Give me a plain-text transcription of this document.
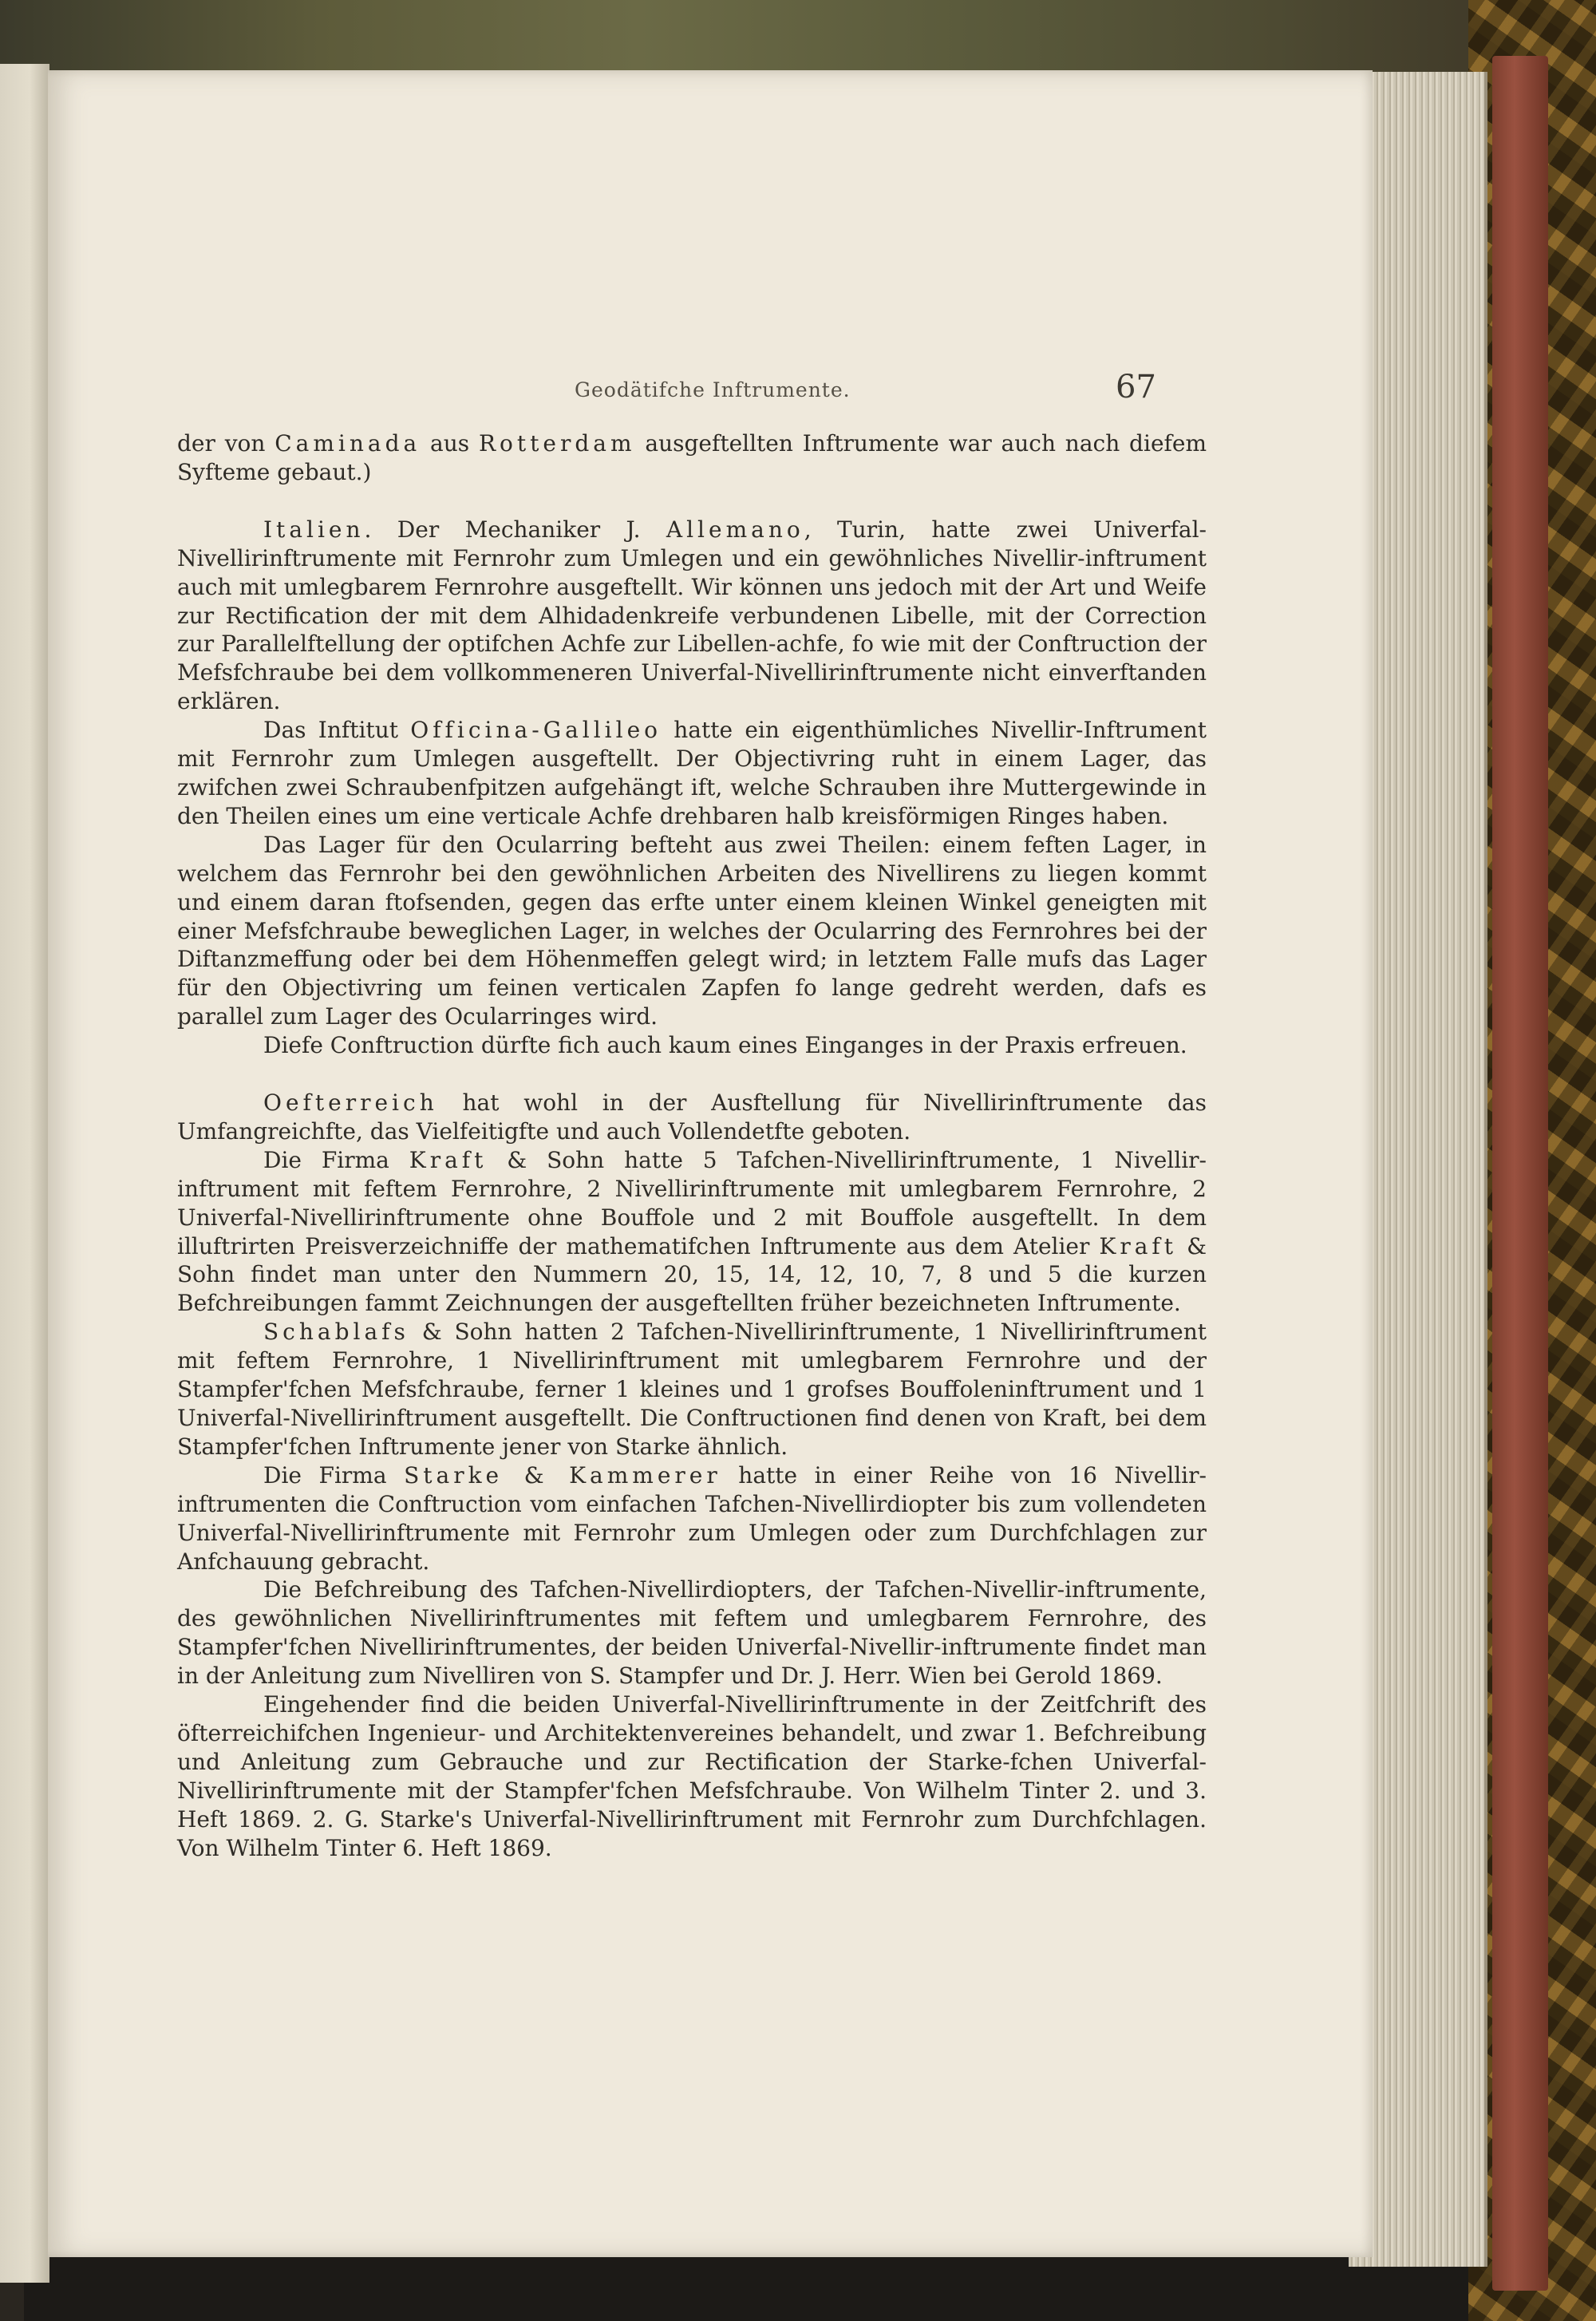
Geodätifche Inftrumente.	67

der von Caminada aus Rotterdam ausgeftellten Inftrumente war auch nach diefem Syfteme gebaut.)

Italien. Der Mechaniker J. Allemano, Turin, hatte zwei Univerfal-Nivellirinftrumente mit Fernrohr zum Umlegen und ein gewöhnliches Nivellir-inftrument auch mit umlegbarem Fernrohre ausgeftellt. Wir können uns jedoch mit der Art und Weife zur Rectification der mit dem Alhidadenkreife verbundenen Libelle, mit der Correction zur Parallelftellung der optifchen Achfe zur Libellen-achfe, fo wie mit der Conftruction der Mefsfchraube bei dem vollkommeneren Univerfal-Nivellirinftrumente nicht einverftanden erklären.

Das Inftitut Officina-Gallileo hatte ein eigenthümliches Nivellir-Inftrument mit Fernrohr zum Umlegen ausgeftellt. Der Objectivring ruht in einem Lager, das zwifchen zwei Schraubenfpitzen aufgehängt ift, welche Schrauben ihre Muttergewinde in den Theilen eines um eine verticale Achfe drehbaren halb kreisförmigen Ringes haben.

Das Lager für den Ocularring befteht aus zwei Theilen: einem feften Lager, in welchem das Fernrohr bei den gewöhnlichen Arbeiten des Nivellirens zu liegen kommt und einem daran ftofsenden, gegen das erfte unter einem kleinen Winkel geneigten mit einer Mefsfchraube beweglichen Lager, in welches der Ocularring des Fernrohres bei der Diftanzmeffung oder bei dem Höhenmeffen gelegt wird; in letztem Falle mufs das Lager für den Objectivring um feinen verticalen Zapfen fo lange gedreht werden, dafs es parallel zum Lager des Ocularringes wird.

Diefe Conftruction dürfte fich auch kaum eines Einganges in der Praxis erfreuen.

Oefterreich hat wohl in der Ausftellung für Nivellirinftrumente das Umfangreichfte, das Vielfeitigfte und auch Vollendetfte geboten.

Die Firma Kraft & Sohn hatte 5 Tafchen-Nivellirinftrumente, 1 Nivellir-inftrument mit feftem Fernrohre, 2 Nivellirinftrumente mit umlegbarem Fernrohre, 2 Univerfal-Nivellirinftrumente ohne Bouffole und 2 mit Bouffole ausgeftellt. In dem illuftrirten Preisverzeichniffe der mathematifchen Inftrumente aus dem Atelier Kraft & Sohn findet man unter den Nummern 20, 15, 14, 12, 10, 7, 8 und 5 die kurzen Befchreibungen fammt Zeichnungen der ausgeftellten früher bezeichneten Inftrumente.

Schablafs & Sohn hatten 2 Tafchen-Nivellirinftrumente, 1 Nivellirinftrument mit feftem Fernrohre, 1 Nivellirinftrument mit umlegbarem Fernrohre und der Stampfer'fchen Mefsfchraube, ferner 1 kleines und 1 grofses Bouffoleninftrument und 1 Univerfal-Nivellirinftrument ausgeftellt. Die Conftructionen find denen von Kraft, bei dem Stampfer'fchen Inftrumente jener von Starke ähnlich.

Die Firma Starke & Kammerer hatte in einer Reihe von 16 Nivellir-inftrumenten die Conftruction vom einfachen Tafchen-Nivellirdiopter bis zum vollendeten Univerfal-Nivellirinftrumente mit Fernrohr zum Umlegen oder zum Durchfchlagen zur Anfchauung gebracht.

Die Befchreibung des Tafchen-Nivellirdiopters, der Tafchen-Nivellir-inftrumente, des gewöhnlichen Nivellirinftrumentes mit feftem und umlegbarem Fernrohre, des Stampfer'fchen Nivellirinftrumentes, der beiden Univerfal-Nivellir-inftrumente findet man in der Anleitung zum Nivelliren von S. Stampfer und Dr. J. Herr. Wien bei Gerold 1869.

Eingehender find die beiden Univerfal-Nivellirinftrumente in der Zeitfchrift des öfterreichifchen Ingenieur- und Architektenvereines behandelt, und zwar 1. Befchreibung und Anleitung zum Gebrauche und zur Rectification der Starke-fchen Univerfal-Nivellirinftrumente mit der Stampfer'fchen Mefsfchraube. Von Wilhelm Tinter 2. und 3. Heft 1869. 2. G. Starke's Univerfal-Nivellirinftrument mit Fernrohr zum Durchfchlagen. Von Wilhelm Tinter 6. Heft 1869.
